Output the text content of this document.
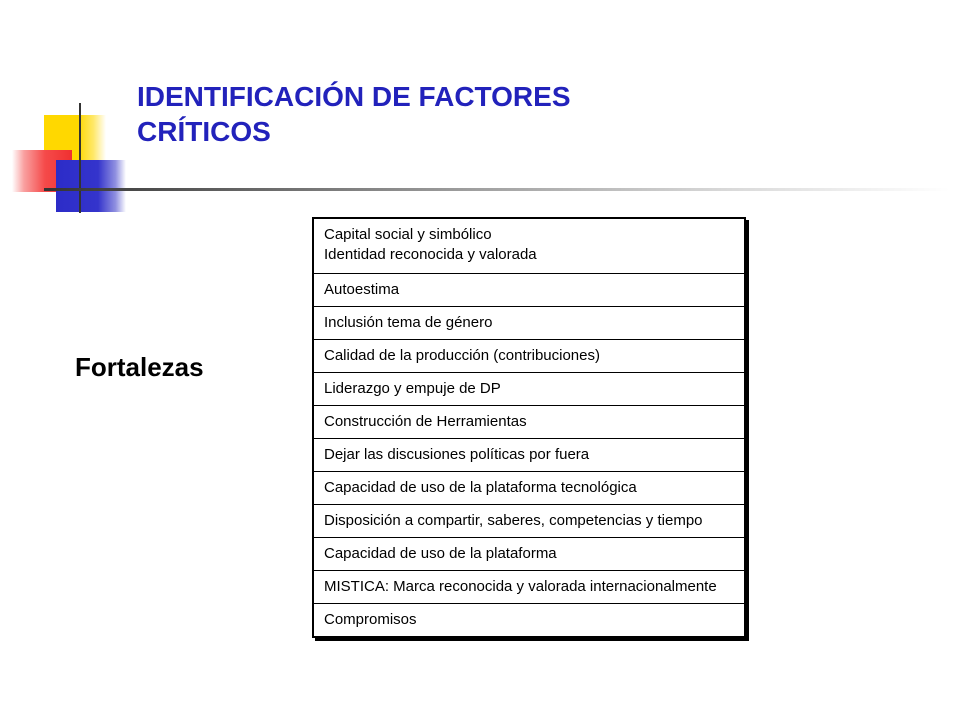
IDENTIFICACIÓN DE FACTORES
CRÍTICOS
Fortalezas
Capital social y simbólico
Identidad reconocida y valorada
Autoestima
Inclusión tema de género
Calidad de la producción (contribuciones)
Liderazgo y empuje de DP
Construcción de Herramientas
Dejar las discusiones políticas por fuera
Capacidad de uso de la plataforma tecnológica
Disposición a compartir, saberes, competencias y tiempo
Capacidad de uso de la plataforma
MISTICA: Marca reconocida y valorada internacionalmente
Compromisos
